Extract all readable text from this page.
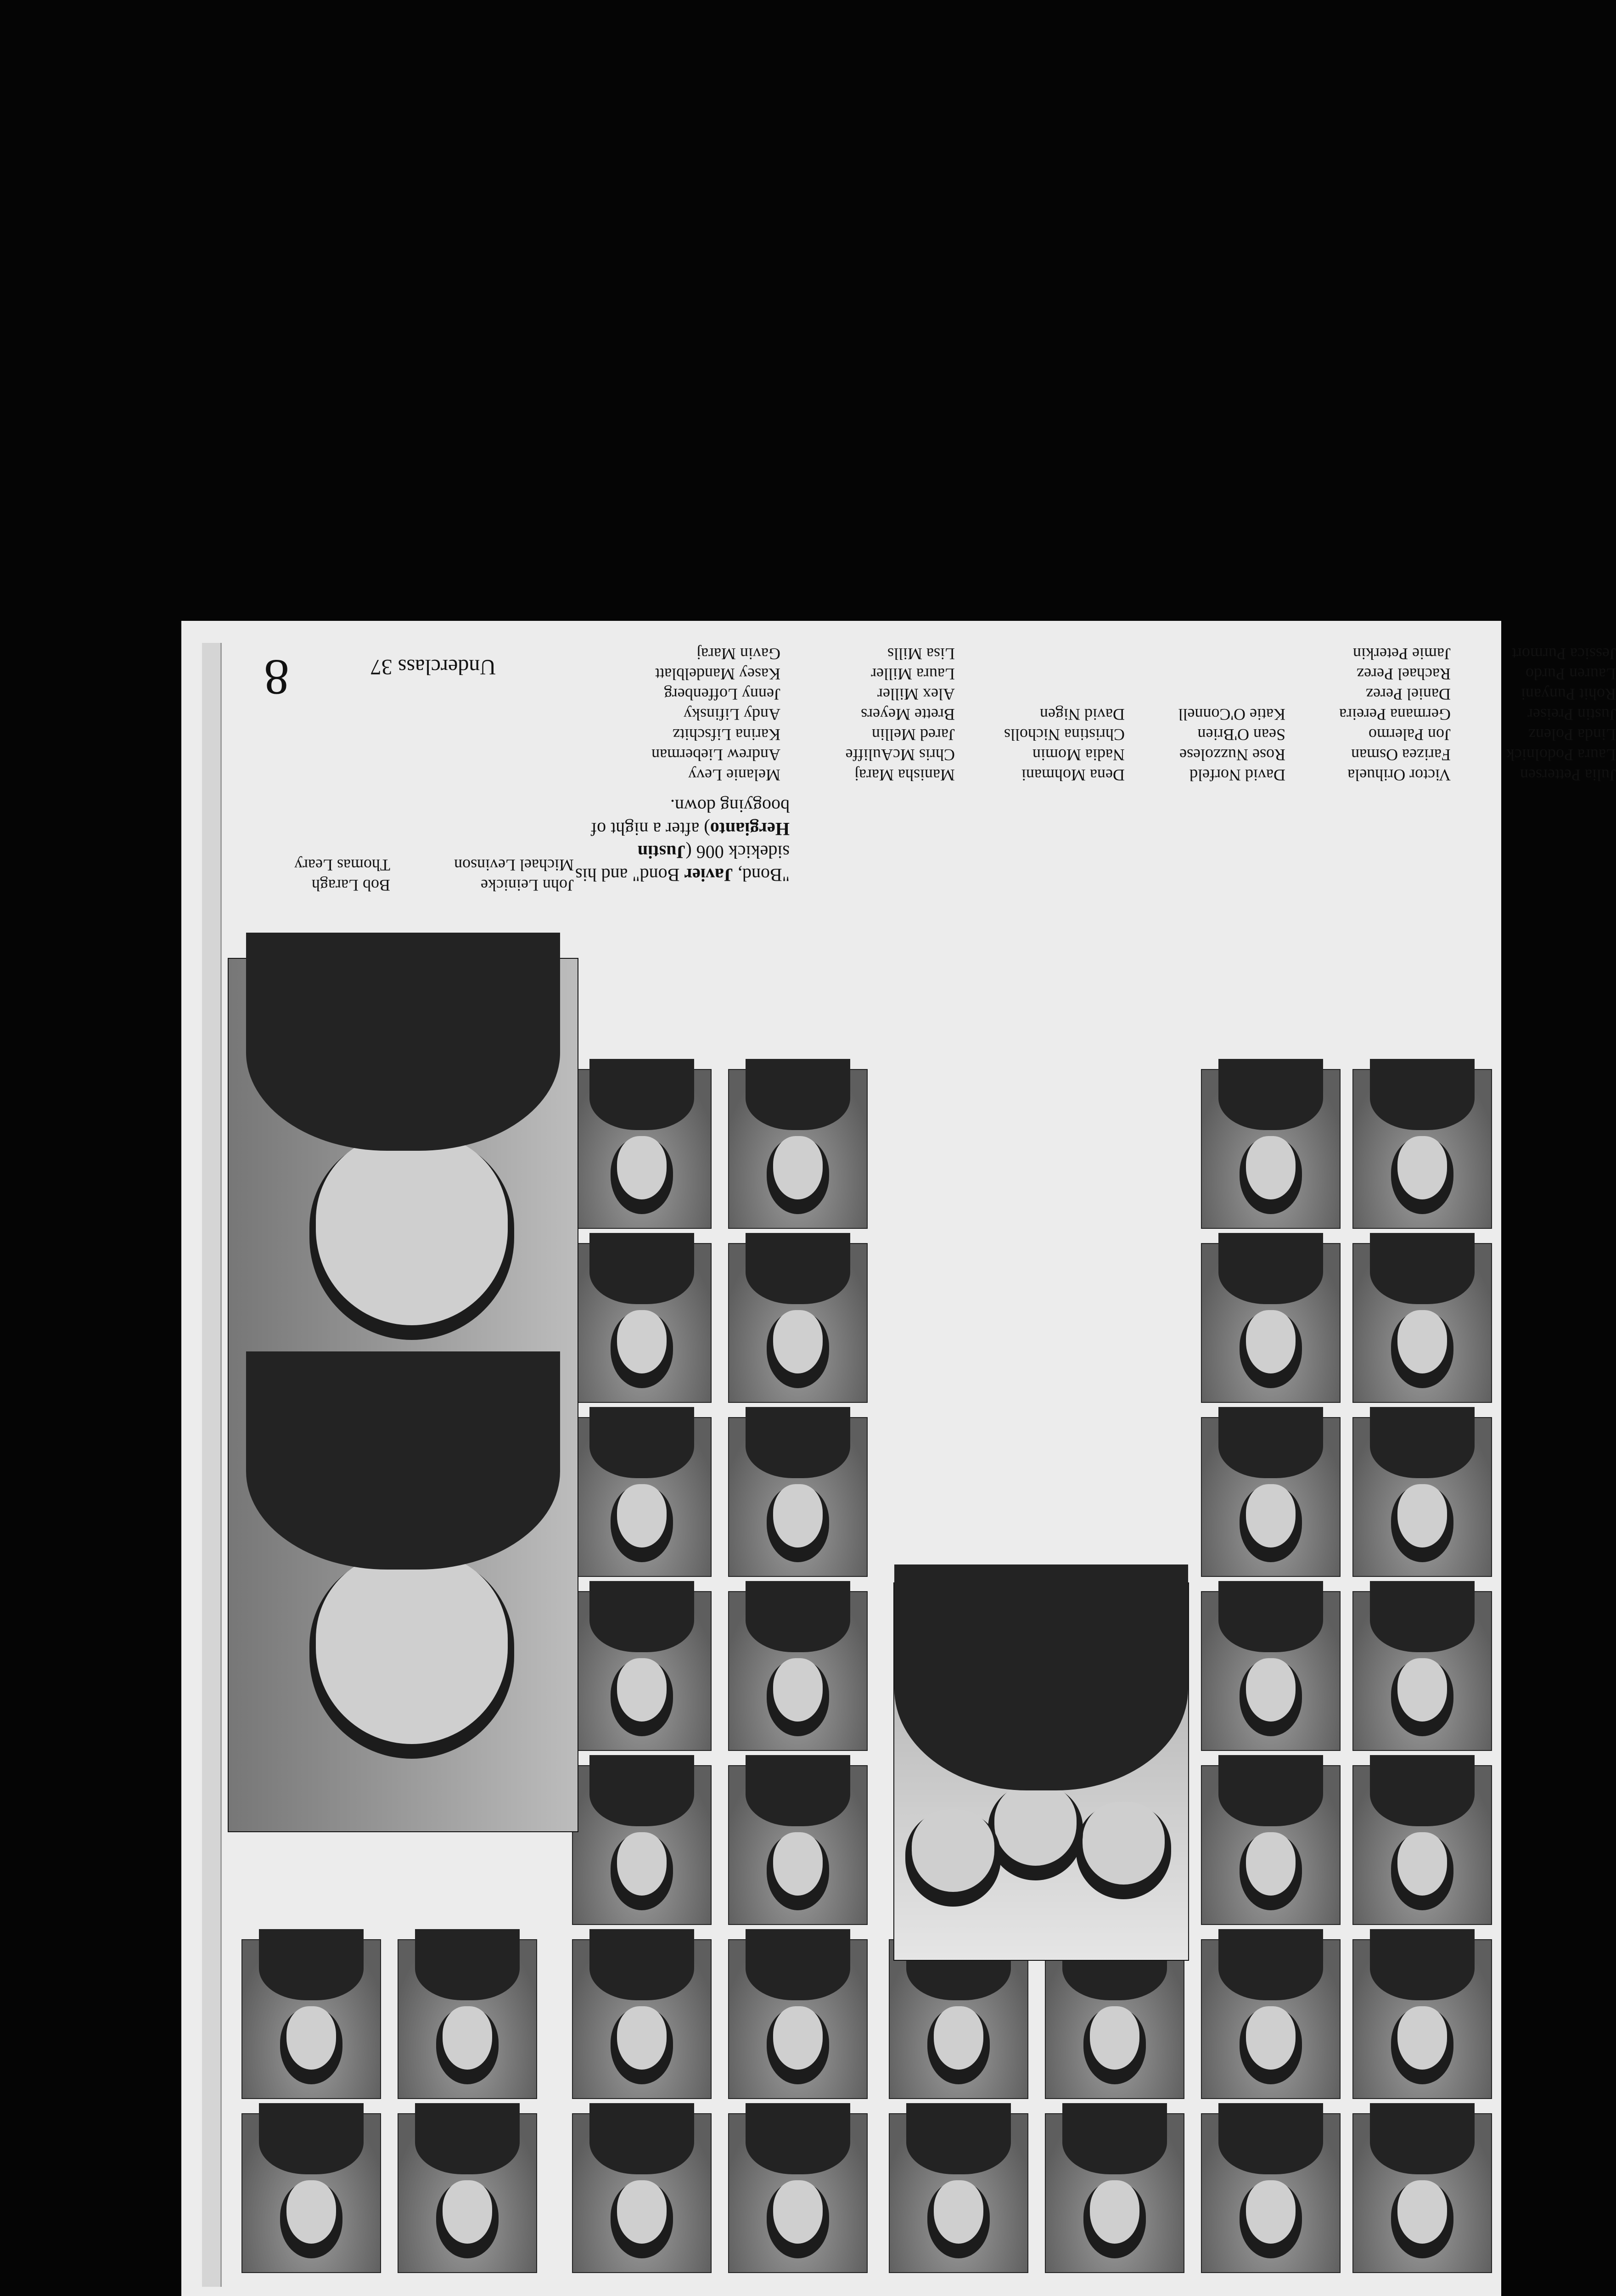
Underclass 37
8
Bob Laragh
Thomas Leary
John Leinicke
Michael Levinson	"Bond, Javier Bond" and his sidekick 006 (Justin Hergianto) after a night of boogying down.
Melanie Levy
Andrew Lieberman
Karina Lifschitz
Andy Lifinsky
Jenny Loffenberg
Kasey Mandelblatt
Gavin Maraj
Manisha Maraj
Chris McAuliffe
Jared Mellin
Brette Meyers
Alex Miller
Laura Miller
Lisa Mills
Dena Mohmani
Nadia Momin
Christina Nicholls
David Nigen
David Norfeld
Rose Nuzzolese
Sean O'Brien
Katie O'Connell
Victor Orihuela
Farizea Osman
Jon Palermo
Germana Pereira
Daniel Perez
Rachael Perez
Jamie Peterkin
Julia Pettersen
Laura Podolnick
Linda Polenz
Justin Preiser
Rohit Punyani
Lauren Purdo
Jessica Purmort
